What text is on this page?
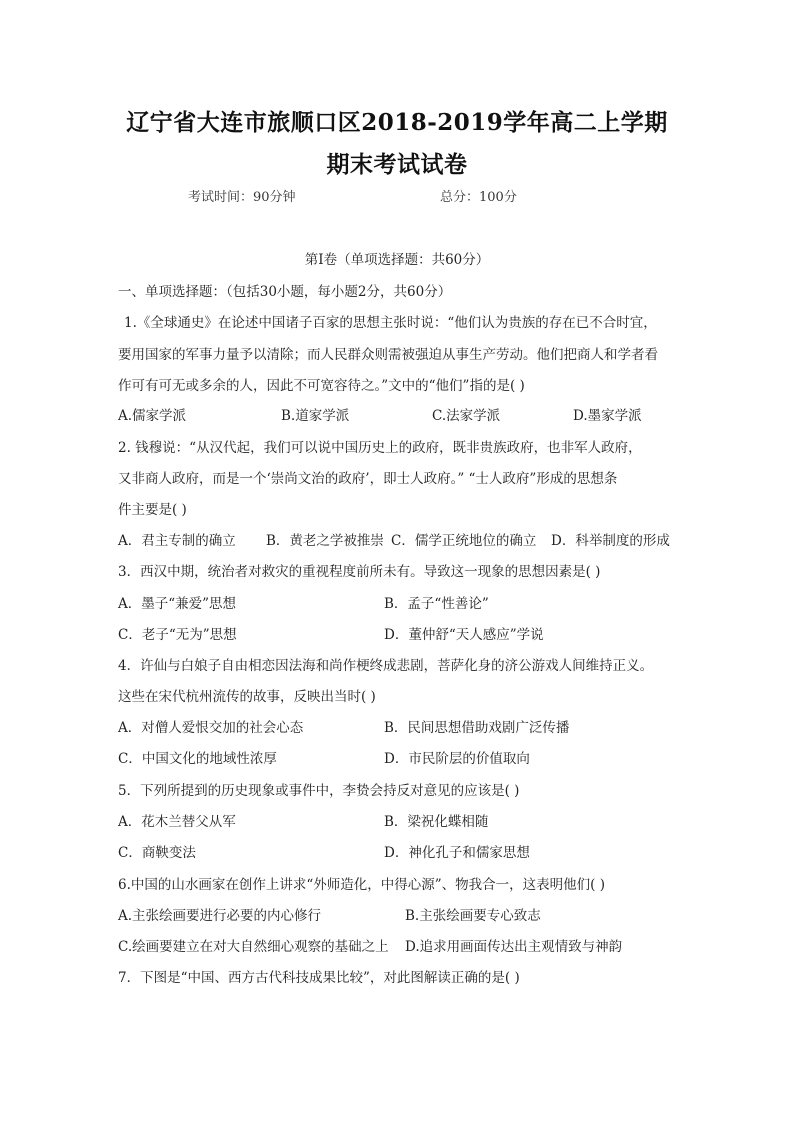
辽宁省大连市旅顺口区2018-2019学年高二上学期
期末考试试卷
考试时间：90分钟	总分：100分
第Ⅰ卷（单项选择题：共60分）
一、单项选择题：（包括30小题，每小题2分，共60分）
1.《全球通史》在论述中国诸子百家的思想主张时说：“他们认为贵族的存在已不合时宜，
要用国家的军事力量予以清除；而人民群众则需被强迫从事生产劳动。他们把商人和学者看
作可有可无或多余的人，因此不可宽容待之。”文中的“他们”指的是( )
A.儒家学派	B.道家学派	C.法家学派	D.墨家学派
2. 钱穆说：“从汉代起，我们可以说中国历史上的政府，既非贵族政府，也非军人政府，
又非商人政府，而是一个‘崇尚文治的政府’，即士人政府。” “士人政府”形成的思想条
件主要是( )
A．君主专制的确立 B．黄老之学被推崇 C．儒学正统地位的确立 D．科举制度的形成
3．西汉中期，统治者对救灾的重视程度前所未有。导致这一现象的思想因素是( )
A．墨子“兼爱”思想	B．孟子“性善论”
C．老子“无为”思想	D．董仲舒“天人感应”学说
4．许仙与白娘子自由相恋因法海和尚作梗终成悲剧，菩萨化身的济公游戏人间维持正义。
这些在宋代杭州流传的故事，反映出当时( )
A．对僧人爱恨交加的社会心态	B．民间思想借助戏剧广泛传播
C．中国文化的地域性浓厚	D．市民阶层的价值取向
5．下列所提到的历史现象或事件中，李贽会持反对意见的应该是( )
A．花木兰替父从军	B．梁祝化蝶相随
C．商鞅变法	D．神化孔子和儒家思想
6.中国的山水画家在创作上讲求“外师造化，中得心源”、物我合一，这表明他们( )
A.主张绘画要进行必要的内心修行	B.主张绘画要专心致志
C.绘画要建立在对大自然细心观察的基础之上 D.追求用画面传达出主观情致与神韵
7．下图是“中国、西方古代科技成果比较”，对此图解读正确的是( )
